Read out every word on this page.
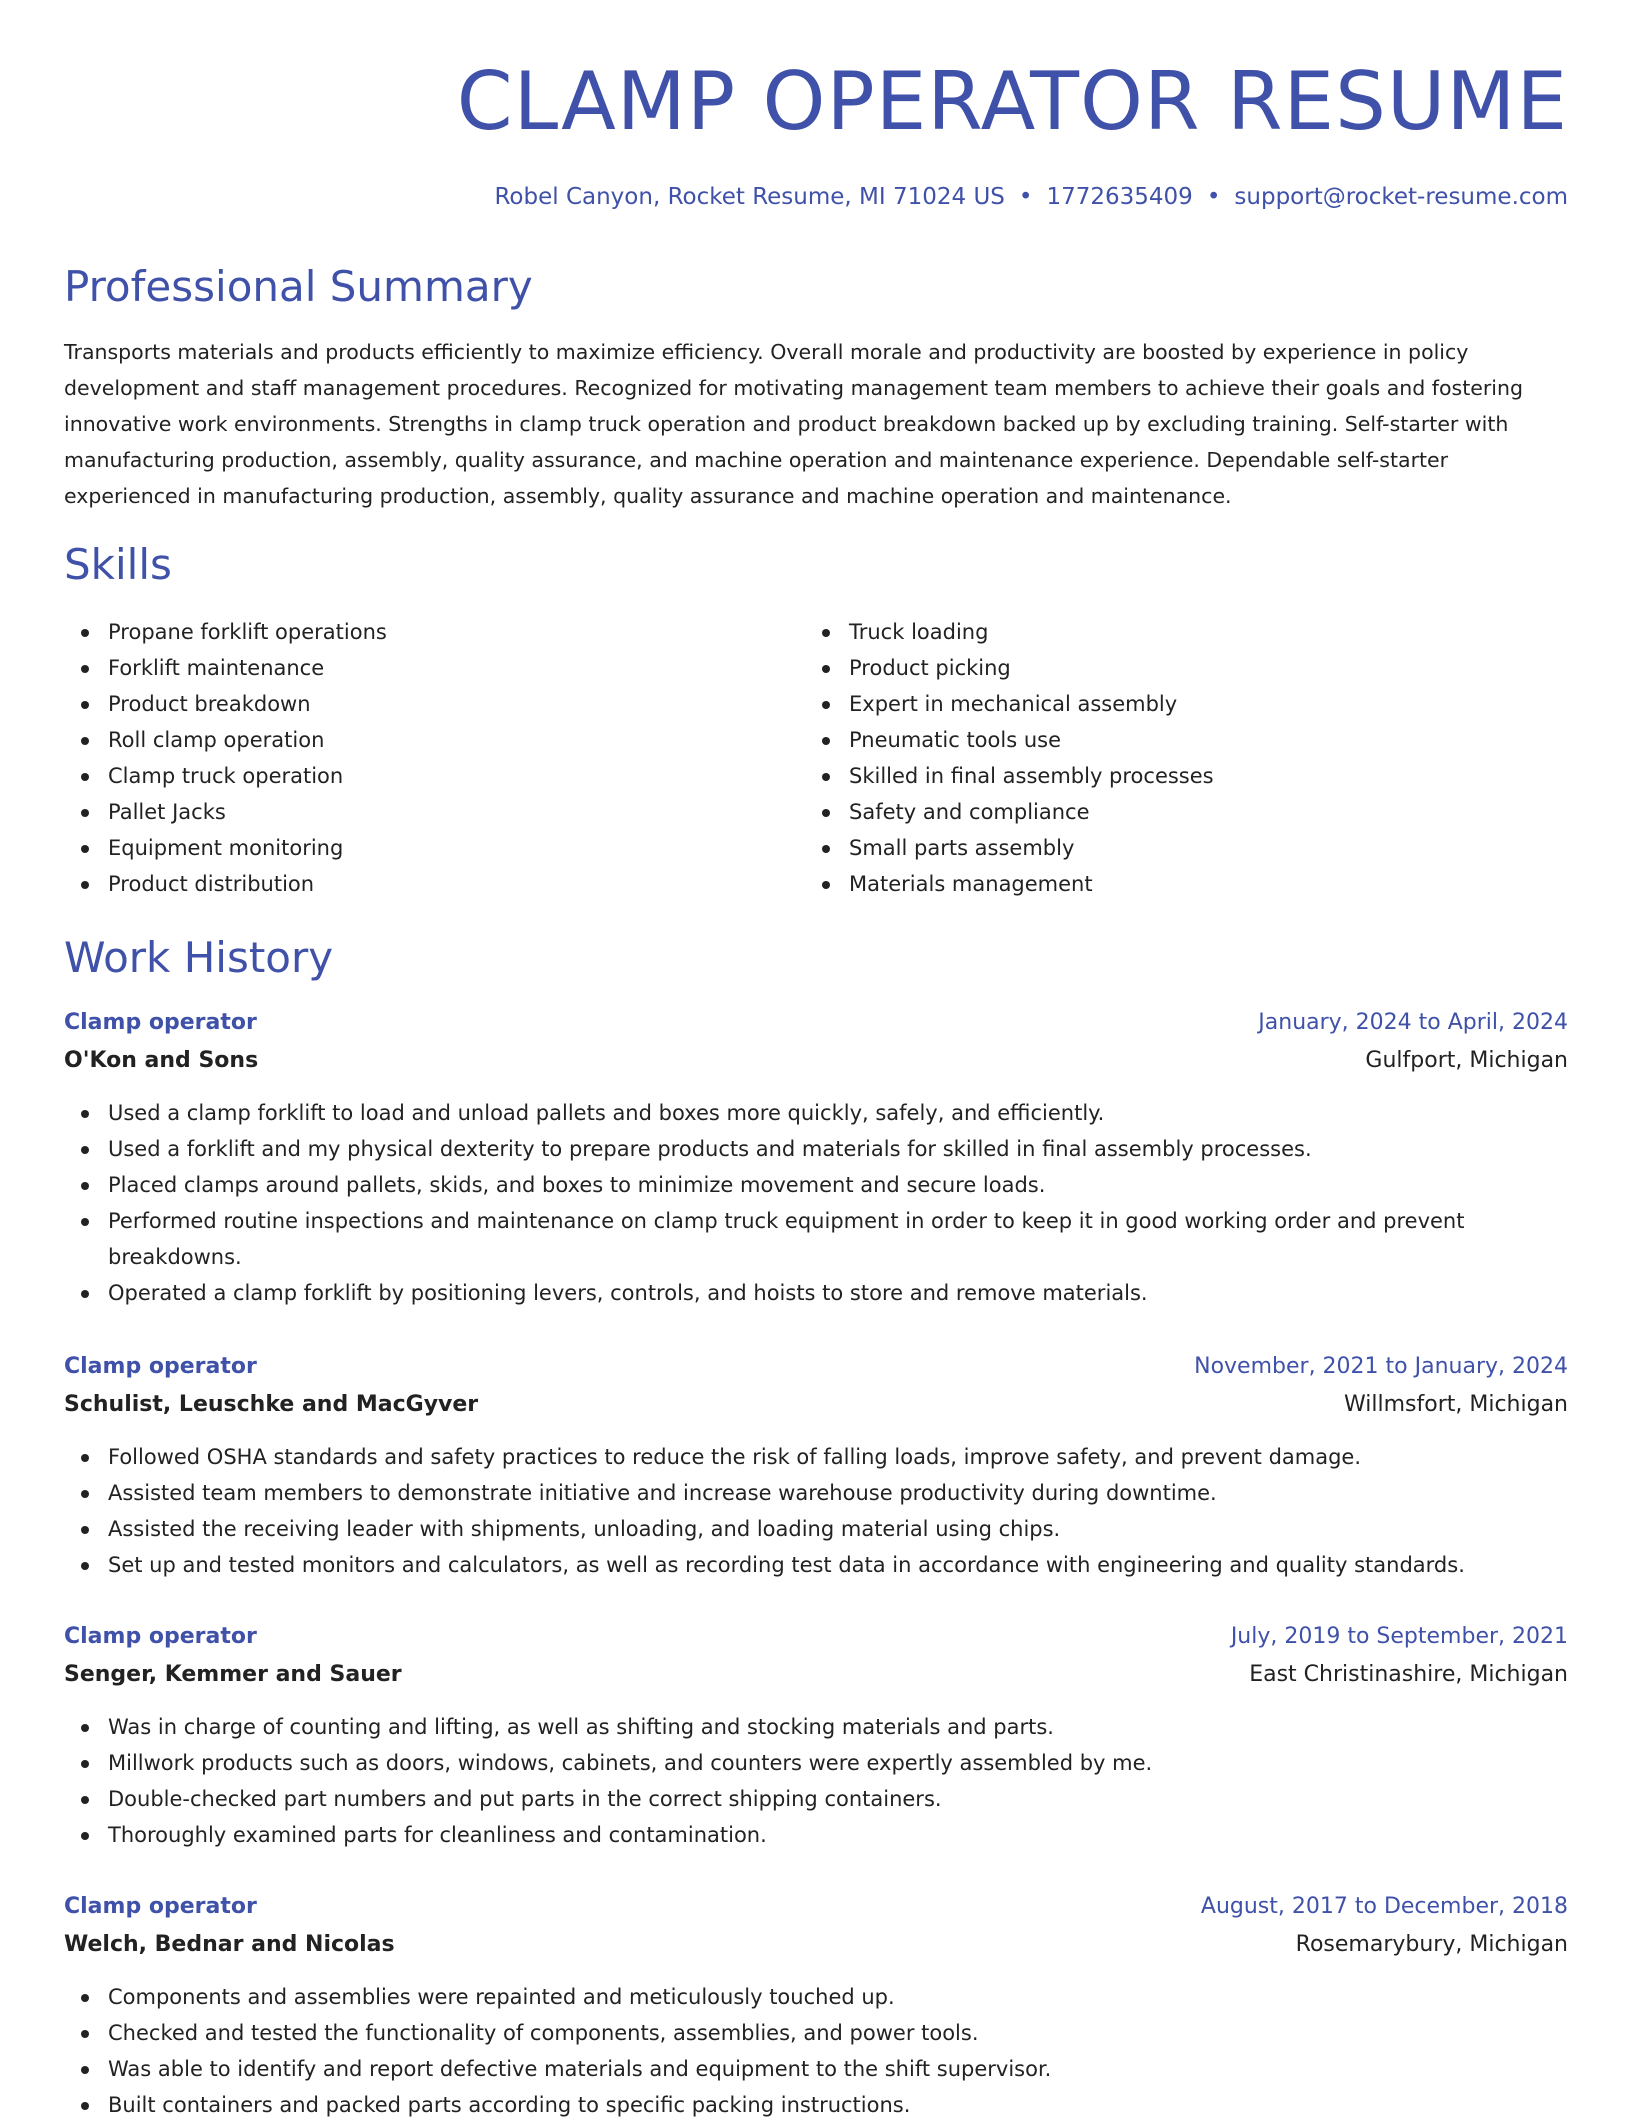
CLAMP OPERATOR RESUME
Robel Canyon, Rocket Resume, MI 71024 US • 1772635409 • support@rocket-resume.com
Professional Summary

Transports materials and products efficiently to maximize efficiency. Overall morale and productivity are boosted by experience in policy development and staff management procedures. Recognized for motivating management team members to achieve their goals and fostering innovative work environments. Strengths in clamp truck operation and product breakdown backed up by excluding training. Self-starter with manufacturing production, assembly, quality assurance, and machine operation and maintenance experience. Dependable self-starter experienced in manufacturing production, assembly, quality assurance and machine operation and maintenance.

Skills
Propane forklift operations
Forklift maintenance
Product breakdown
Roll clamp operation
Clamp truck operation
Pallet Jacks
Equipment monitoring
Product distribution
Truck loading
Product picking
Expert in mechanical assembly
Pneumatic tools use
Skilled in final assembly processes
Safety and compliance
Small parts assembly
Materials management
Work History
Clamp operator	January, 2024 to April, 2024
O'Kon and Sons	Gulfport, Michigan
Used a clamp forklift to load and unload pallets and boxes more quickly, safely, and efficiently.
Used a forklift and my physical dexterity to prepare products and materials for skilled in final assembly processes.
Placed clamps around pallets, skids, and boxes to minimize movement and secure loads.
Performed routine inspections and maintenance on clamp truck equipment in order to keep it in good working order and prevent breakdowns.
Operated a clamp forklift by positioning levers, controls, and hoists to store and remove materials.
Clamp operator	November, 2021 to January, 2024
Schulist, Leuschke and MacGyver	Willmsfort, Michigan
Followed OSHA standards and safety practices to reduce the risk of falling loads, improve safety, and prevent damage.
Assisted team members to demonstrate initiative and increase warehouse productivity during downtime.
Assisted the receiving leader with shipments, unloading, and loading material using chips.
Set up and tested monitors and calculators, as well as recording test data in accordance with engineering and quality standards.
Clamp operator	July, 2019 to September, 2021
Senger, Kemmer and Sauer	East Christinashire, Michigan
Was in charge of counting and lifting, as well as shifting and stocking materials and parts.
Millwork products such as doors, windows, cabinets, and counters were expertly assembled by me.
Double-checked part numbers and put parts in the correct shipping containers.
Thoroughly examined parts for cleanliness and contamination.
Clamp operator	August, 2017 to December, 2018
Welch, Bednar and Nicolas	Rosemarybury, Michigan
Components and assemblies were repainted and meticulously touched up.
Checked and tested the functionality of components, assemblies, and power tools.
Was able to identify and report defective materials and equipment to the shift supervisor.
Built containers and packed parts according to specific packing instructions.
